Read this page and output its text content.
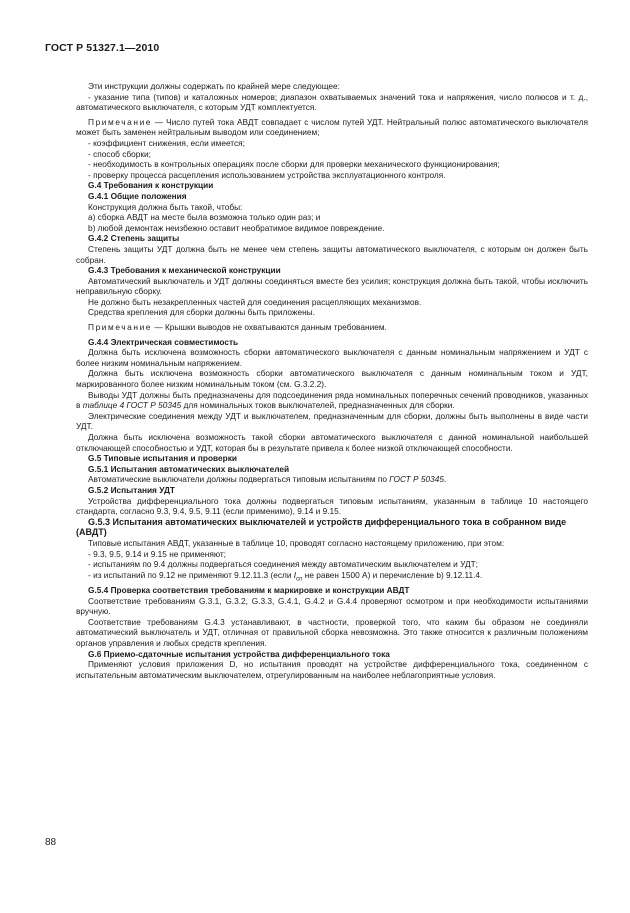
ГОСТ Р 51327.1—2010

Эти инструкции должны содержать по крайней мере следующее:

- указание типа (типов) и каталожных номеров; диапазон охватываемых значений тока и напряжения, число полюсов и т. д., автоматического выключателя, с которым УДТ комплектуется.

Примечание — Число путей тока АВДТ совпадает с числом путей УДТ. Нейтральный полюс автоматического выключателя может быть заменен нейтральным выводом или соединением;

- коэффициент снижения, если имеется;

- способ сборки;

- необходимость в контрольных операциях после сборки для проверки механического функционирования;

- проверку процесса расцепления использованием устройства эксплуатационного контроля.

G.4 Требования к конструкции

G.4.1 Общие положения

Конструкция должна быть такой, чтобы:

а) сборка АВДТ на месте была возможна только один раз; и

b) любой демонтаж неизбежно оставит необратимое видимое повреждение.

G.4.2 Степень защиты

Степень защиты УДТ должна быть не менее чем степень защиты автоматического выключателя, с которым он должен быть собран.

G.4.3 Требования к механической конструкции

Автоматический выключатель и УДТ должны соединяться вместе без усилия; конструкция должна быть такой, чтобы исключить неправильную сборку.

Не должно быть незакрепленных частей для соединения расцепляющих механизмов.

Средства крепления для сборки должны быть приложены.

Примечание — Крышки выводов не охватываются данным требованием.

G.4.4 Электрическая совместимость

Должна быть исключена возможность сборки автоматического выключателя с данным номинальным напряжением и УДТ с более низким номинальным напряжением.

Должна быть исключена возможность сборки автоматического выключателя с данным номинальным током и УДТ, маркированного более низким номинальным током (см. G.3.2.2).

Выводы УДТ должны быть предназначены для подсоединения ряда номинальных поперечных сечений проводников, указанных в таблице 4 ГОСТ Р 50345 для номинальных токов выключателей, предназначенных для сборки.

Электрические соединения между УДТ и выключателем, предназначенным для сборки, должны быть выполнены в виде части УДТ.

Должна быть исключена возможность такой сборки автоматического выключателя с данной номинальной наибольшей отключающей способностью и УДТ, которая бы в результате привела к более низкой отключающей способности.

G.5 Типовые испытания и проверки

G.5.1 Испытания автоматических выключателей

Автоматические выключатели должны подвергаться типовым испытаниям по ГОСТ Р 50345.

G.5.2 Испытания УДТ

Устройства дифференциального тока должны подвергаться типовым испытаниям, указанным в таблице 10 настоящего стандарта, согласно 9.3, 9.4, 9.5, 9.11 (если применимо), 9.14 и 9.15.

G.5.3 Испытания автоматических выключателей и устройств дифференциального тока в собранном виде (АВДТ)

Типовые испытания АВДТ, указанные в таблице 10, проводят согласно настоящему приложению, при этом:

- 9.3, 9.5, 9.14 и 9.15 не применяют;

- испытаниям по 9.4 должны подвергаться соединения между автоматическим выключателем и УДТ;

- из испытаний по 9.12 не применяют 9.12.11.3 (если $I_{cn}$ не равен 1500 А) и перечисление b) 9.12.11.4.

G.5.4 Проверка соответствия требованиям к маркировке и конструкции АВДТ

Соответствие требованиям G.3.1, G.3.2, G.3.3, G.4.1, G.4.2 и G.4.4 проверяют осмотром и при необходимости испытаниями вручную.

Соответствие требованиям G.4.3 устанавливают, в частности, проверкой того, что каким бы образом не соединяли автоматический выключатель и УДТ, отличная от правильной сборка невозможна. Это также относится к различным положениям органов управления и любых средств крепления.

G.6 Приемо-сдаточные испытания устройства дифференциального тока

Применяют условия приложения D, но испытания проводят на устройстве дифференциального тока, соединенном с испытательным автоматическим выключателем, отрегулированным на наиболее неблагоприятные условия.

88
